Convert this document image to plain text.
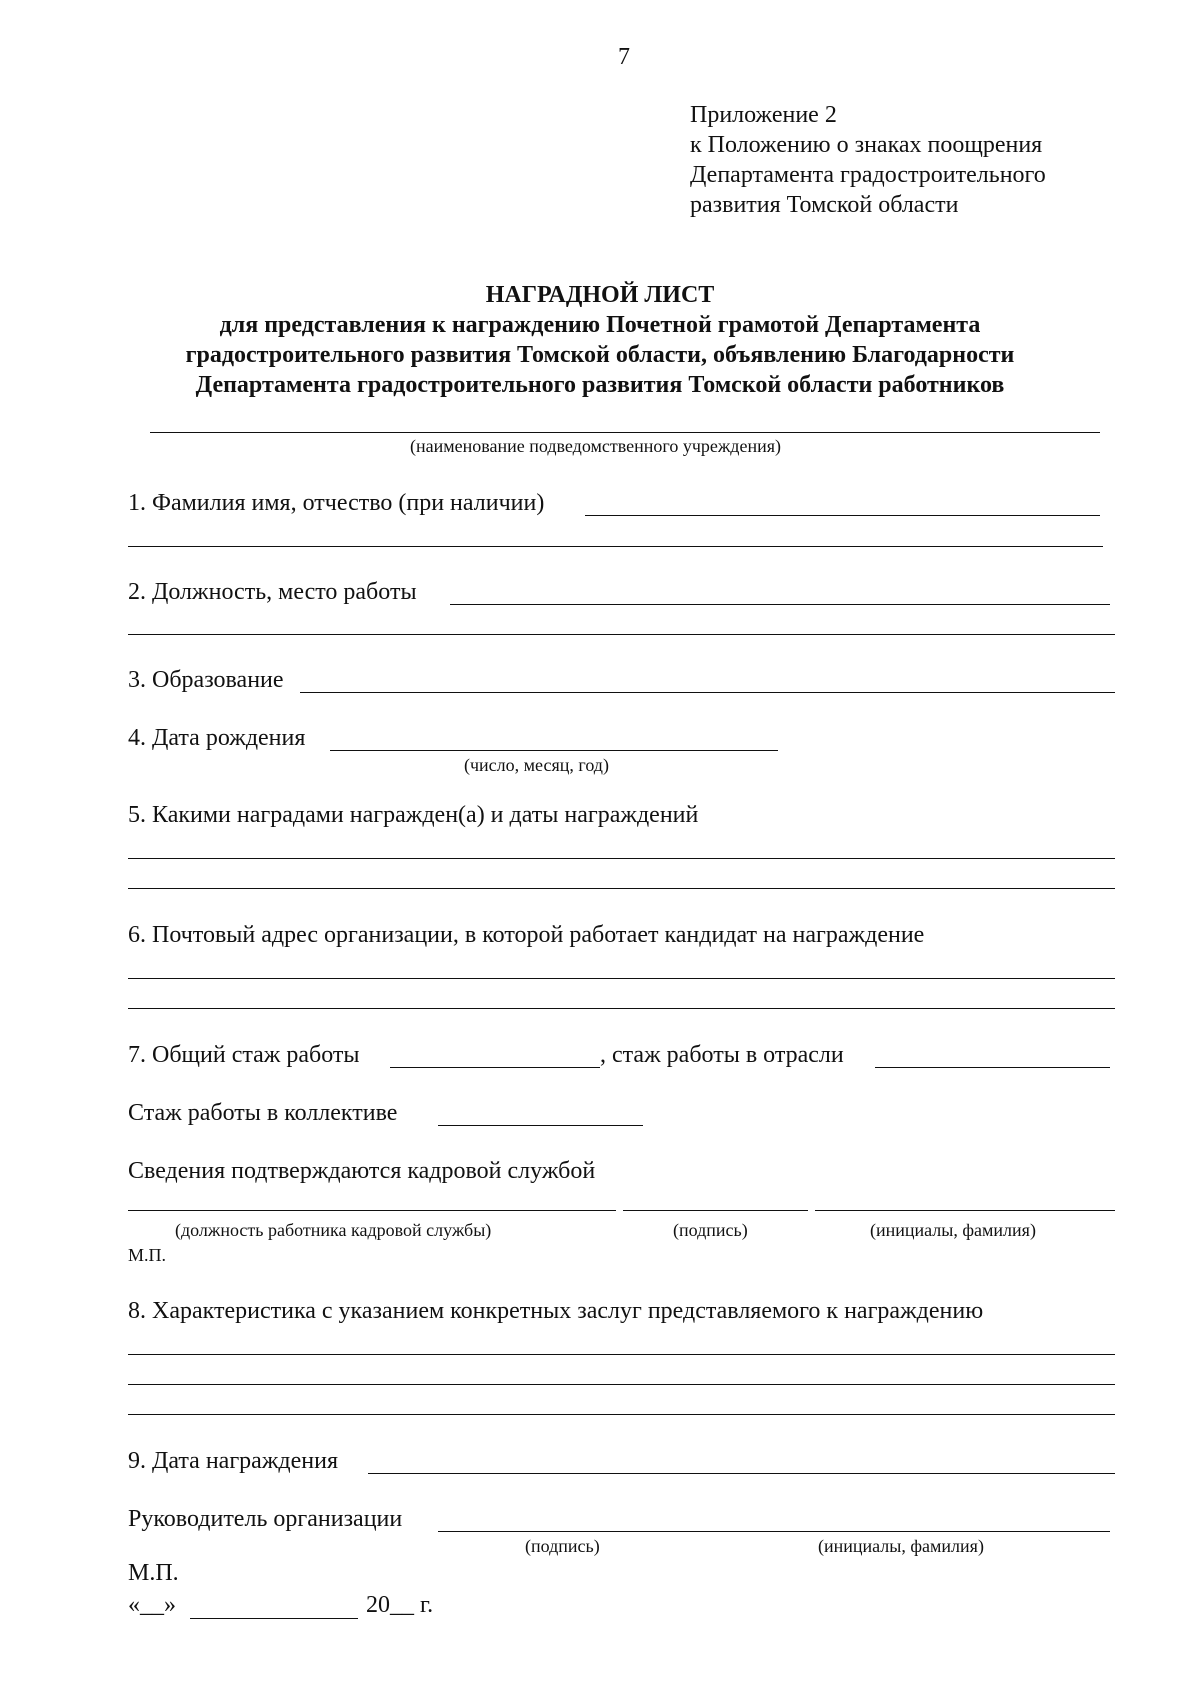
7
Приложение 2
к Положению о знаках поощрения
Департамента градостроительного
развития Томской области
НАГРАДНОЙ ЛИСТ
для представления к награждению Почетной грамотой Департамента
градостроительного развития Томской области, объявлению Благодарности
Департамента градостроительного развития Томской области работников
(наименование подведомственного учреждения)
1. Фамилия имя, отчество (при наличии)
2. Должность, место работы
3. Образование
4. Дата рождения
(число, месяц, год)
5. Какими наградами награжден(а) и даты награждений
6. Почтовый адрес организации, в которой работает кандидат на награждение
7. Общий стаж работы	, стаж работы в отрасли
Стаж работы в коллективе
Сведения подтверждаются кадровой службой
(должность работника кадровой службы)	(подпись)	(инициалы, фамилия)
М.П.
8. Характеристика с указанием конкретных заслуг представляемого к награждению
9. Дата награждения
Руководитель организации
(подпись)	(инициалы, фамилия)
М.П.
«__»	20__ г.
